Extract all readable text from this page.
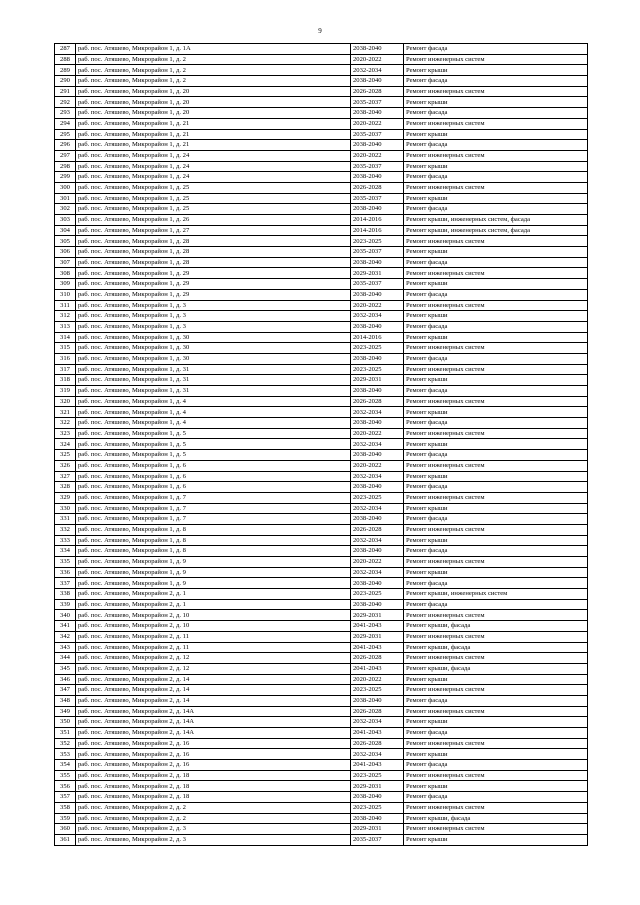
9
287	раб. пос. Атяшево, Микрорайон 1, д. 1А	2038-2040	Ремонт фасада
288	раб. пос. Атяшево, Микрорайон 1, д. 2	2020-2022	Ремонт инженерных систем
289	раб. пос. Атяшево, Микрорайон 1, д. 2	2032-2034	Ремонт крыши
290	раб. пос. Атяшево, Микрорайон 1, д. 2	2038-2040	Ремонт фасада
291	раб. пос. Атяшево, Микрорайон 1, д. 20	2026-2028	Ремонт инженерных систем
292	раб. пос. Атяшево, Микрорайон 1, д. 20	2035-2037	Ремонт крыши
293	раб. пос. Атяшево, Микрорайон 1, д. 20	2038-2040	Ремонт фасада
294	раб. пос. Атяшево, Микрорайон 1, д. 21	2020-2022	Ремонт инженерных систем
295	раб. пос. Атяшево, Микрорайон 1, д. 21	2035-2037	Ремонт крыши
296	раб. пос. Атяшево, Микрорайон 1, д. 21	2038-2040	Ремонт фасада
297	раб. пос. Атяшево, Микрорайон 1, д. 24	2020-2022	Ремонт инженерных систем
298	раб. пос. Атяшево, Микрорайон 1, д. 24	2035-2037	Ремонт крыши
299	раб. пос. Атяшево, Микрорайон 1, д. 24	2038-2040	Ремонт фасада
300	раб. пос. Атяшево, Микрорайон 1, д. 25	2026-2028	Ремонт инженерных систем
301	раб. пос. Атяшево, Микрорайон 1, д. 25	2035-2037	Ремонт крыши
302	раб. пос. Атяшево, Микрорайон 1, д. 25	2038-2040	Ремонт фасада
303	раб. пос. Атяшево, Микрорайон 1, д. 26	2014-2016	Ремонт крыши, инженерных систем, фасада
304	раб. пос. Атяшево, Микрорайон 1, д. 27	2014-2016	Ремонт крыши, инженерных систем, фасада
305	раб. пос. Атяшево, Микрорайон 1, д. 28	2023-2025	Ремонт инженерных систем
306	раб. пос. Атяшево, Микрорайон 1, д. 28	2035-2037	Ремонт крыши
307	раб. пос. Атяшево, Микрорайон 1, д. 28	2038-2040	Ремонт фасада
308	раб. пос. Атяшево, Микрорайон 1, д. 29	2029-2031	Ремонт инженерных систем
309	раб. пос. Атяшево, Микрорайон 1, д. 29	2035-2037	Ремонт крыши
310	раб. пос. Атяшево, Микрорайон 1, д. 29	2038-2040	Ремонт фасада
311	раб. пос. Атяшево, Микрорайон 1, д. 3	2020-2022	Ремонт инженерных систем
312	раб. пос. Атяшево, Микрорайон 1, д. 3	2032-2034	Ремонт крыши
313	раб. пос. Атяшево, Микрорайон 1, д. 3	2038-2040	Ремонт фасада
314	раб. пос. Атяшево, Микрорайон 1, д. 30	2014-2016	Ремонт крыши
315	раб. пос. Атяшево, Микрорайон 1, д. 30	2023-2025	Ремонт инженерных систем
316	раб. пос. Атяшево, Микрорайон 1, д. 30	2038-2040	Ремонт фасада
317	раб. пос. Атяшево, Микрорайон 1, д. 31	2023-2025	Ремонт инженерных систем
318	раб. пос. Атяшево, Микрорайон 1, д. 31	2029-2031	Ремонт крыши
319	раб. пос. Атяшево, Микрорайон 1, д. 31	2038-2040	Ремонт фасада
320	раб. пос. Атяшево, Микрорайон 1, д. 4	2026-2028	Ремонт инженерных систем
321	раб. пос. Атяшево, Микрорайон 1, д. 4	2032-2034	Ремонт крыши
322	раб. пос. Атяшево, Микрорайон 1, д. 4	2038-2040	Ремонт фасада
323	раб. пос. Атяшево, Микрорайон 1, д. 5	2020-2022	Ремонт инженерных систем
324	раб. пос. Атяшево, Микрорайон 1, д. 5	2032-2034	Ремонт крыши
325	раб. пос. Атяшево, Микрорайон 1, д. 5	2038-2040	Ремонт фасада
326	раб. пос. Атяшево, Микрорайон 1, д. 6	2020-2022	Ремонт инженерных систем
327	раб. пос. Атяшево, Микрорайон 1, д. 6	2032-2034	Ремонт крыши
328	раб. пос. Атяшево, Микрорайон 1, д. 6	2038-2040	Ремонт фасада
329	раб. пос. Атяшево, Микрорайон 1, д. 7	2023-2025	Ремонт инженерных систем
330	раб. пос. Атяшево, Микрорайон 1, д. 7	2032-2034	Ремонт крыши
331	раб. пос. Атяшево, Микрорайон 1, д. 7	2038-2040	Ремонт фасада
332	раб. пос. Атяшево, Микрорайон 1, д. 8	2026-2028	Ремонт инженерных систем
333	раб. пос. Атяшево, Микрорайон 1, д. 8	2032-2034	Ремонт крыши
334	раб. пос. Атяшево, Микрорайон 1, д. 8	2038-2040	Ремонт фасада
335	раб. пос. Атяшево, Микрорайон 1, д. 9	2020-2022	Ремонт инженерных систем
336	раб. пос. Атяшево, Микрорайон 1, д. 9	2032-2034	Ремонт крыши
337	раб. пос. Атяшево, Микрорайон 1, д. 9	2038-2040	Ремонт фасада
338	раб. пос. Атяшево, Микрорайон 2, д. 1	2023-2025	Ремонт крыши, инженерных систем
339	раб. пос. Атяшево, Микрорайон 2, д. 1	2038-2040	Ремонт фасада
340	раб. пос. Атяшево, Микрорайон 2, д. 10	2029-2031	Ремонт инженерных систем
341	раб. пос. Атяшево, Микрорайон 2, д. 10	2041-2043	Ремонт крыши, фасада
342	раб. пос. Атяшево, Микрорайон 2, д. 11	2029-2031	Ремонт инженерных систем
343	раб. пос. Атяшево, Микрорайон 2, д. 11	2041-2043	Ремонт крыши, фасада
344	раб. пос. Атяшево, Микрорайон 2, д. 12	2026-2028	Ремонт инженерных систем
345	раб. пос. Атяшево, Микрорайон 2, д. 12	2041-2043	Ремонт крыши, фасада
346	раб. пос. Атяшево, Микрорайон 2, д. 14	2020-2022	Ремонт крыши
347	раб. пос. Атяшево, Микрорайон 2, д. 14	2023-2025	Ремонт инженерных систем
348	раб. пос. Атяшево, Микрорайон 2, д. 14	2038-2040	Ремонт фасада
349	раб. пос. Атяшево, Микрорайон 2, д. 14А	2026-2028	Ремонт инженерных систем
350	раб. пос. Атяшево, Микрорайон 2, д. 14А	2032-2034	Ремонт крыши
351	раб. пос. Атяшево, Микрорайон 2, д. 14А	2041-2043	Ремонт фасада
352	раб. пос. Атяшево, Микрорайон 2, д. 16	2026-2028	Ремонт инженерных систем
353	раб. пос. Атяшево, Микрорайон 2, д. 16	2032-2034	Ремонт крыши
354	раб. пос. Атяшево, Микрорайон 2, д. 16	2041-2043	Ремонт фасада
355	раб. пос. Атяшево, Микрорайон 2, д. 18	2023-2025	Ремонт инженерных систем
356	раб. пос. Атяшево, Микрорайон 2, д. 18	2029-2031	Ремонт крыши
357	раб. пос. Атяшево, Микрорайон 2, д. 18	2038-2040	Ремонт фасада
358	раб. пос. Атяшево, Микрорайон 2, д. 2	2023-2025	Ремонт инженерных систем
359	раб. пос. Атяшево, Микрорайон 2, д. 2	2038-2040	Ремонт крыши, фасада
360	раб. пос. Атяшево, Микрорайон 2, д. 3	2029-2031	Ремонт инженерных систем
361	раб. пос. Атяшево, Микрорайон 2, д. 3	2035-2037	Ремонт крыши
